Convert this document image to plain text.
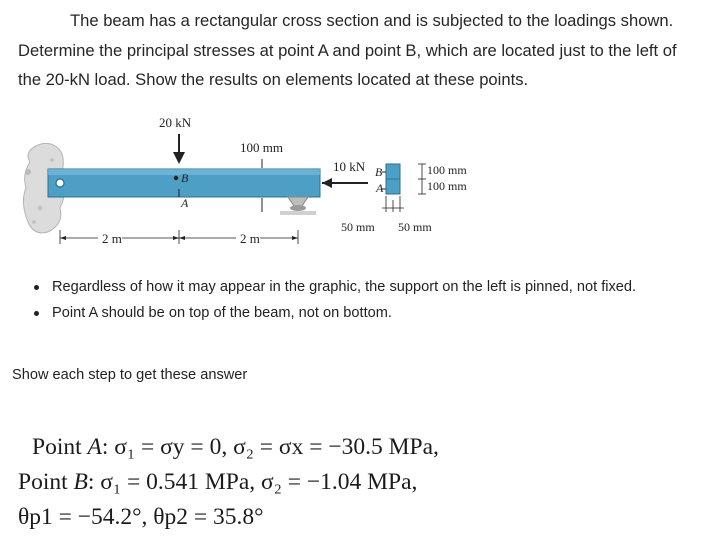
The beam has a rectangular cross section and is subjected to the loadings shown. Determine the principal stresses at point A and point B, which are located just to the left of the 20-kN load. Show the results on elements located at these points.

20 kN
B
A
100 mm
10 kN B
A
100 mm
100 mm
50 mm 50 mm
2 m	2 m
Regardless of how it may appear in the graphic, the support on the left is pinned, not fixed.
Point A should be on top of the beam, not on bottom.

Show each step to get these answer

Point A: σ₁ = σy = 0, σ₂ = σx = −30.5 MPa,
Point B: σ₁ = 0.541 MPa, σ₂ = −1.04 MPa,
θp1 = −54.2°, θp2 = 35.8°
